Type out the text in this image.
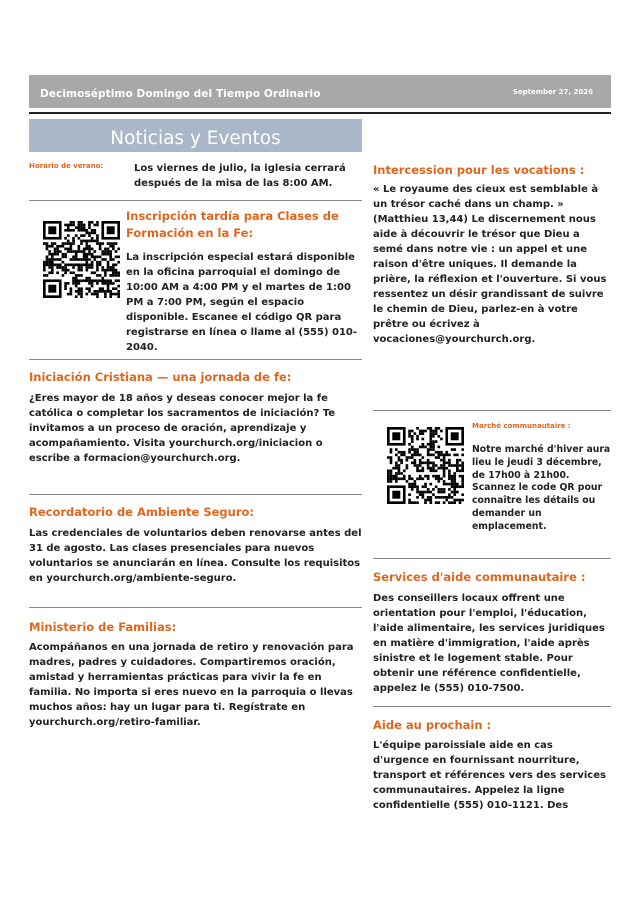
Decimoséptimo Domingo del Tiempo Ordinario	September 27, 2026
Noticias y Eventos
Horario de verano:	Los viernes de julio, la iglesia cerrará después de la misa de las 8:00 AM.
Inscripción tardía para Clases de Formación en la Fe:
La inscripción especial estará disponible en la oficina parroquial el domingo de 10:00 AM a 4:00 PM y el martes de 1:00 PM a 7:00 PM, según el espacio disponible. Escanee el código QR para registrarse en línea o llame al (555) 010-2040.
Iniciación Cristiana — una jornada de fe:
¿Eres mayor de 18 años y deseas conocer mejor la fe católica o completar los sacramentos de iniciación? Te invitamos a un proceso de oración, aprendizaje y acompañamiento. Visita yourchurch.org/iniciacion o escribe a formacion@yourchurch.org.
Recordatorio de Ambiente Seguro:
Las credenciales de voluntarios deben renovarse antes del 31 de agosto. Las clases presenciales para nuevos voluntarios se anunciarán en línea. Consulte los requisitos en yourchurch.org/ambiente-seguro.
Ministerio de Familias:
Acompáñanos en una jornada de retiro y renovación para madres, padres y cuidadores. Compartiremos oración, amistad y herramientas prácticas para vivir la fe en familia. No importa si eres nuevo en la parroquia o llevas muchos años: hay un lugar para ti. Regístrate en yourchurch.org/retiro-familiar.
Intercession pour les vocations :
« Le royaume des cieux est semblable à un trésor caché dans un champ. » (Matthieu 13,44) Le discernement nous aide à découvrir le trésor que Dieu a semé dans notre vie : un appel et une raison d'être uniques. Il demande la prière, la réflexion et l'ouverture. Si vous ressentez un désir grandissant de suivre le chemin de Dieu, parlez-en à votre prêtre ou écrivez à vocaciones@yourchurch.org.
Marché communautaire :
Notre marché d'hiver aura lieu le jeudi 3 décembre, de 17h00 à 21h00. Scannez le code QR pour connaître les détails ou demander un emplacement.
Services d'aide communautaire :
Des conseillers locaux offrent une orientation pour l'emploi, l'éducation, l'aide alimentaire, les services juridiques en matière d'immigration, l'aide après sinistre et le logement stable. Pour obtenir une référence confidentielle, appelez le (555) 010-7500.
Aide au prochain :
L'équipe paroissiale aide en cas d'urgence en fournissant nourriture, transport et références vers des services communautaires. Appelez la ligne confidentielle (555) 010-1121. Des
